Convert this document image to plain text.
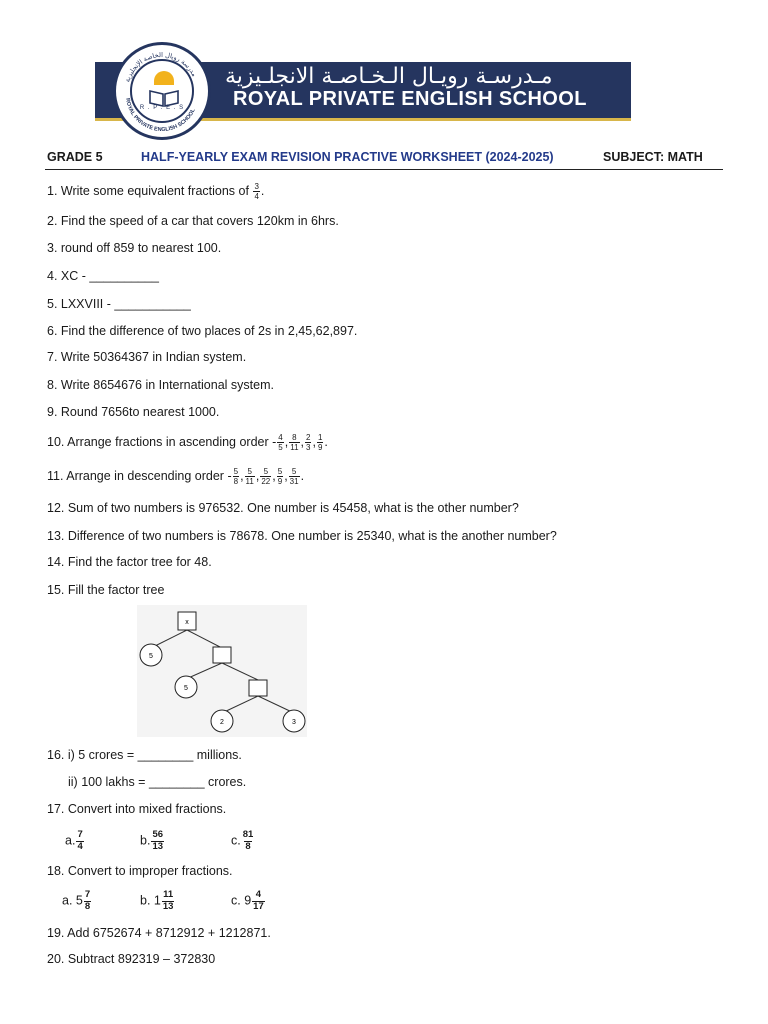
مدرسة رويال الخاصة الإنجليزية
ROYAL PRIVATE ENGLISH SCHOOL
R . P . E . S
مـدرسـة رويـال الـخـاصـة الانجلـيزية
ROYAL PRIVATE ENGLISH SCHOOL
GRADE 5	HALF-YEARLY EXAM REVISION PRACTIVE WORKSHEET (2024-2025)	SUBJECT: MATH
1. Write some equivalent fractions of $\frac{3}{4}$ .
2. Find the speed of a car that covers 120km in 6hrs.
3. round off 859 to nearest 100.
4. XC - __________
5. LXXVIII - ___________
6. Find the difference of two places of 2s in 2,45,62,897.
7. Write 50364367 in Indian system.
8. Write 8654676 in International system.
9. Round 7656to nearest 1000.
10. Arrange fractions in ascending order - $\frac{4}{5}$ , $\frac{8}{11}$ , $\frac{2}{3}$ , $\frac{1}{9}$ .
11. Arrange in descending order - $\frac{5}{8}$ , $\frac{5}{11}$ , $\frac{5}{22}$ , $\frac{5}{9}$ , $\frac{5}{31}$ .
12. Sum of two numbers is 976532. One number is 45458, what is the other number?
13. Difference of two numbers is 78678. One number is 25340, what is the another number?
14. Find the factor tree for 48.
15. Fill the factor tree
x
5
5
2	3
16. i) 5 crores = ________ millions.
ii) 100 lakhs = ________ crores.
17. Convert into mixed fractions.
a. $\frac{7}{4}$	b. $\frac{56}{13}$	c. $\frac{81}{8}$
18. Convert to improper fractions.
a. $5 \frac{7}{8}$	b. $1 \frac{11}{13}$	c. $9 \frac{4}{17}$
19. Add 6752674 + 8712912 + 1212871.
20. Subtract 892319 – 372830
